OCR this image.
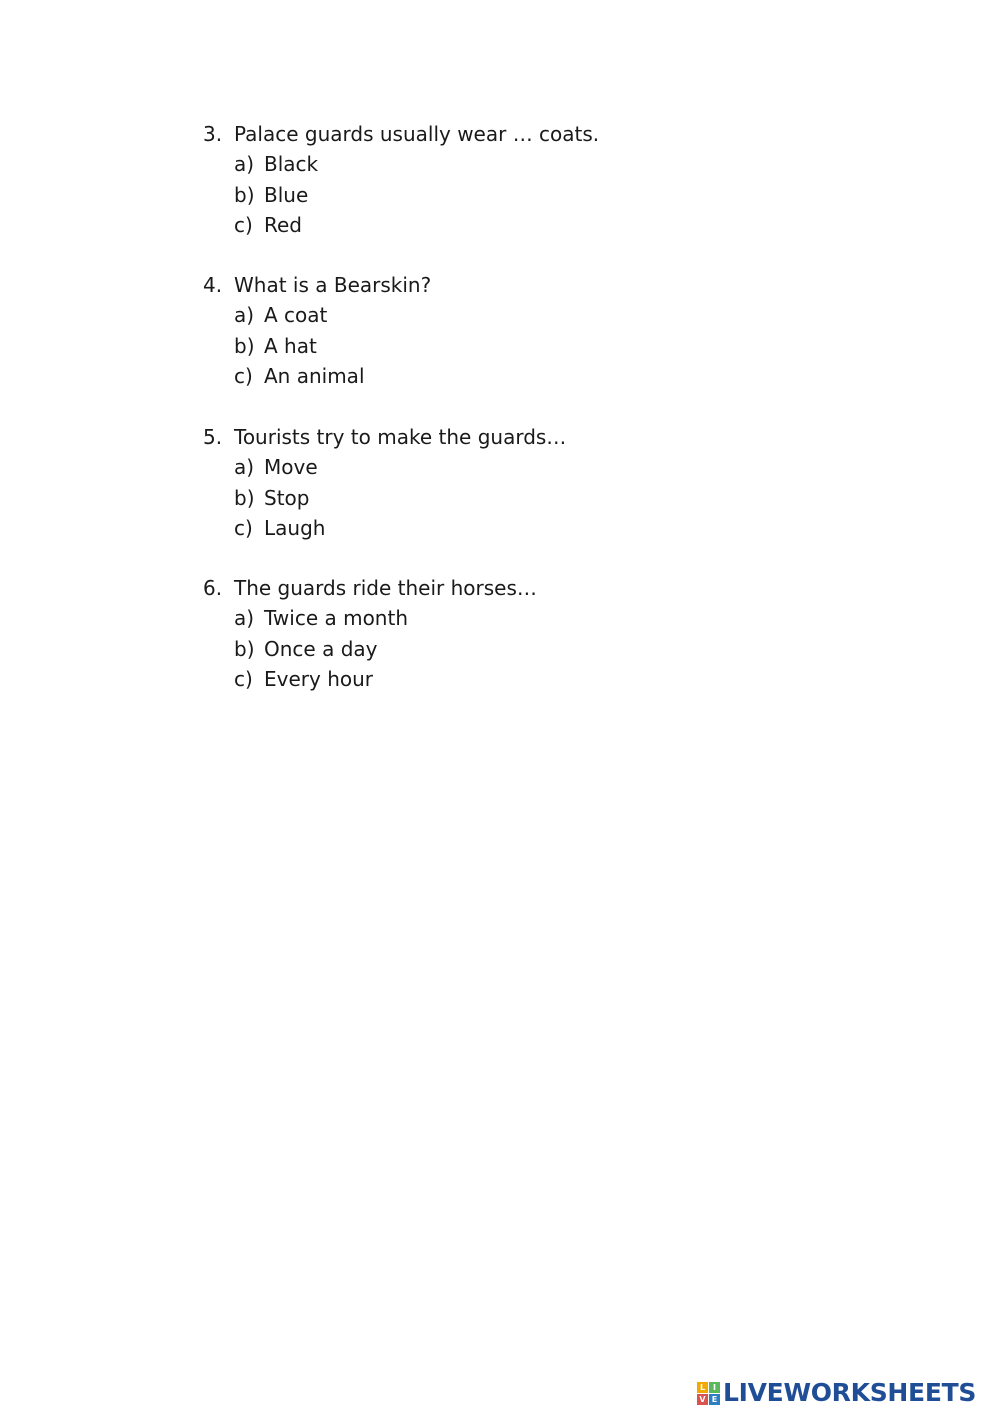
3. Palace guards usually wear … coats.
a) Black
b) Blue
c) Red
4. What is a Bearskin?
a) A coat
b) A hat
c) An animal
5. Tourists try to make the guards…
a) Move
b) Stop
c) Laugh
6. The guards ride their horses…
a) Twice a month
b) Once a day
c) Every hour
L I
V E LIVEWORKSHEETS
